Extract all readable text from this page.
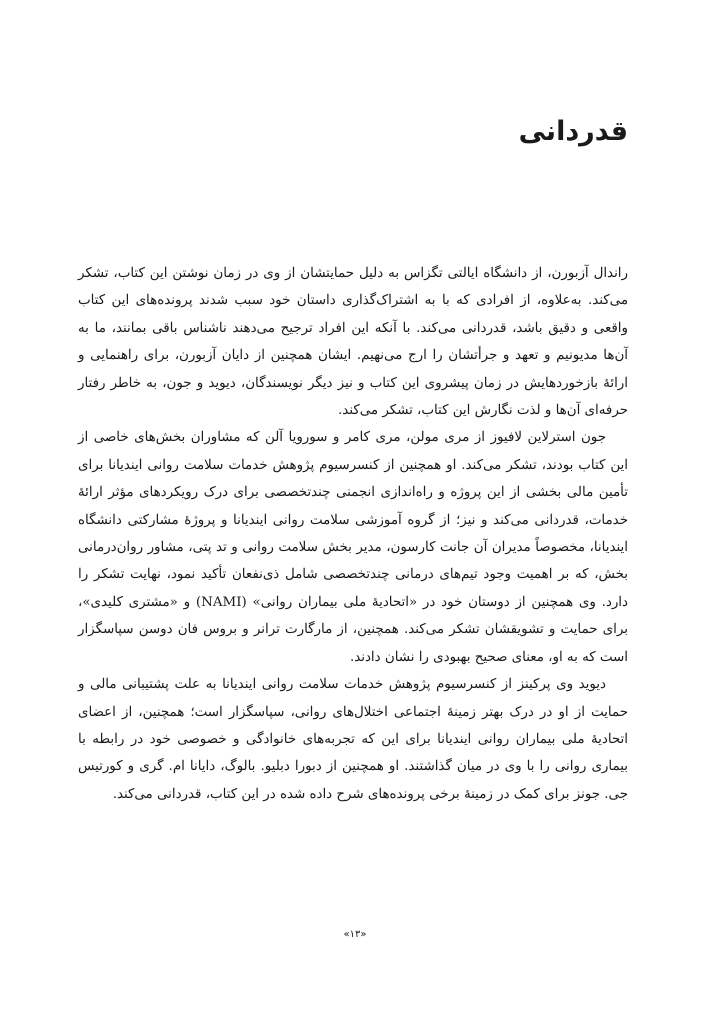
قدردانی

راندال آزبورن، از دانشگاه ایالتی تگزاس به دلیل حمایتشان از وی در زمان نوشتن این کتاب، تشکر می‌کند. به‌علاوه، از افرادی که با به اشتراک‌گذاری داستان خود سبب شدند پرونده‌های این کتاب واقعی و دقیق باشد، قدردانی می‌کند. با آنکه این افراد ترجیح می‌دهند ناشناس باقی بمانند، ما به آن‌ها مدیونیم و تعهد و جرأتشان را ارج می‌نهیم. ایشان همچنین از دایان آزبورن، برای راهنمایی و ارائهٔ بازخوردهایش در زمان پیشروی این کتاب و نیز دیگر نویسندگان، دیوید و جون، به خاطر رفتار حرفه‌ای آن‌ها و لذت نگارش این کتاب، تشکر می‌کند.

جون استرلاین لافیوز از مری مولن، مری کامر و سورویا آلن که مشاوران بخش‌های خاصی از این کتاب بودند، تشکر می‌کند. او همچنین از کنسرسیوم پژوهش خدمات سلامت روانی ایندیانا برای تأمین مالی بخشی از این پروژه و راه‌اندازی انجمنی چندتخصصی برای درک رویکردهای مؤثر ارائهٔ خدمات، قدردانی می‌کند و نیز؛ از گروه آموزشی سلامت روانی ایندیانا و پروژهٔ مشارکتی دانشگاه ایندیانا، مخصوصاً مدیران آن جانت کارسون، مدیر بخش سلامت روانی و تد پتی، مشاور روان‌درمانی بخش، که بر اهمیت وجود تیم‌های درمانی چندتخصصی شامل ذی‌نفعان تأکید نمود، نهایت تشکر را دارد. وی همچنین از دوستان خود در «اتحادیهٔ ملی بیماران روانی» (NAMI) و «مشتری کلیدی»، برای حمایت و تشویقشان تشکر می‌کند. همچنین، از مارگارت ترانر و بروس فان دوسن سپاسگزار است که به او، معنای صحیح بهبودی را نشان دادند.

دیوید وی پرکینز از کنسرسیوم پژوهش خدمات سلامت روانی ایندیانا به علت پشتیبانی مالی و حمایت از او در درک بهتر زمینهٔ اجتماعی اختلال‌های روانی، سپاسگزار است؛ همچنین، از اعضای اتحادیهٔ ملی بیماران روانی ایندیانا برای این که تجربه‌های خانوادگی و خصوصی خود در رابطه با بیماری روانی را با وی در میان گذاشتند. او همچنین از دبورا دبلیو. بالوگ، دایانا ام. گری و کورتیس جی. جونز برای کمک در زمینهٔ برخی پرونده‌های شرح داده شده در این کتاب، قدردانی می‌کند.

«۱۳»
